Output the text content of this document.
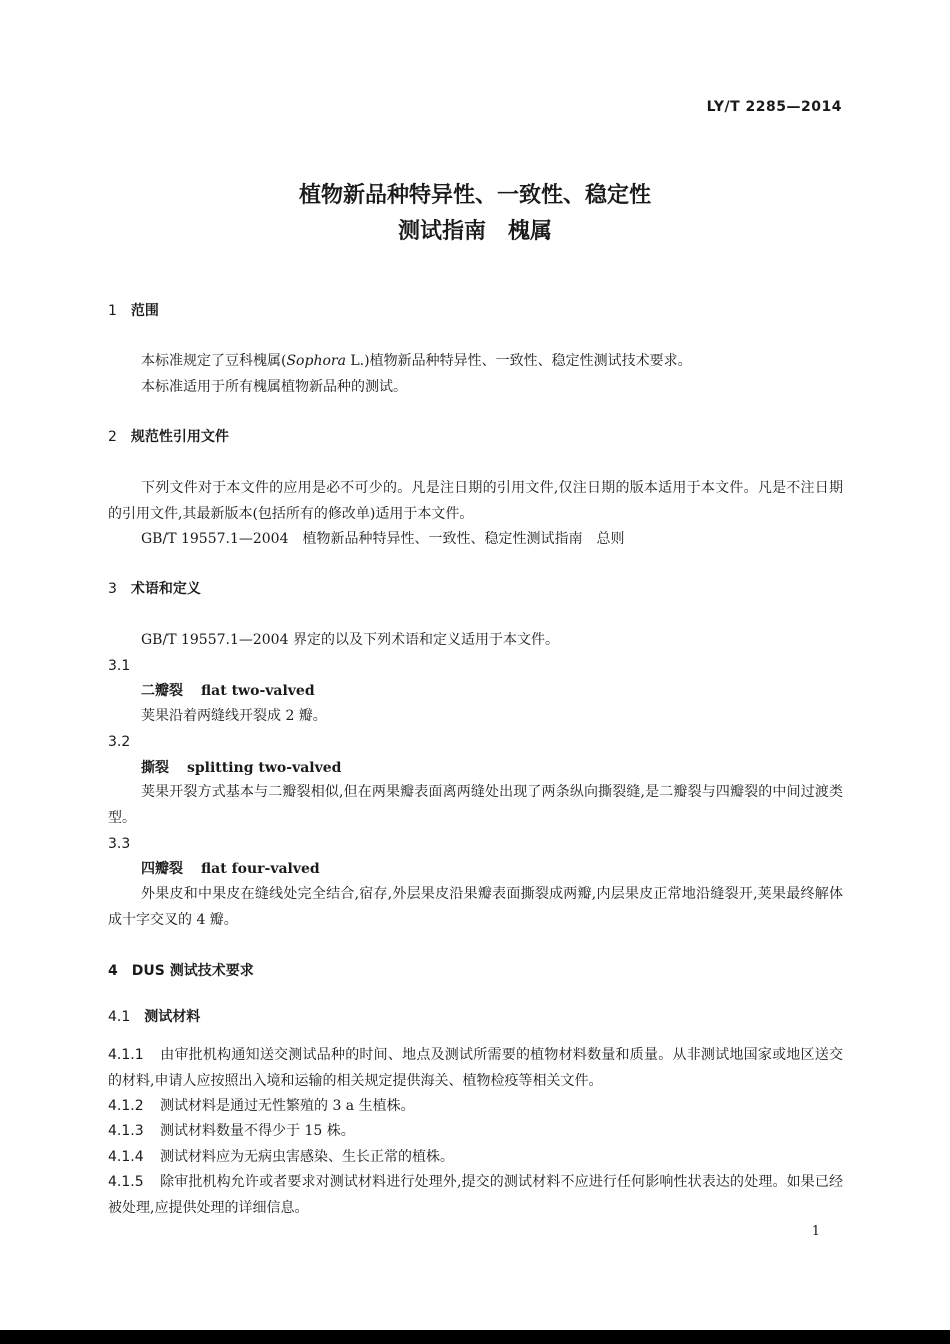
LY/T 2285—2014
植物新品种特异性、一致性、稳定性
测试指南　槐属
1 范围
本标准规定了豆科槐属(Sophora L.)植物新品种特异性、一致性、稳定性测试技术要求。
本标准适用于所有槐属植物新品种的测试。
2 规范性引用文件
下列文件对于本文件的应用是必不可少的。凡是注日期的引用文件,仅注日期的版本适用于本文件。凡是不注日期的引用文件,其最新版本(包括所有的修改单)适用于本文件。
GB/T 19557.1—2004　植物新品种特异性、一致性、稳定性测试指南　总则
3 术语和定义
GB/T 19557.1—2004 界定的以及下列术语和定义适用于本文件。
3.1
二瓣裂 flat two-valved
荚果沿着两缝线开裂成 2 瓣。
3.2
撕裂 splitting two-valved
荚果开裂方式基本与二瓣裂相似,但在两果瓣表面离两缝处出现了两条纵向撕裂缝,是二瓣裂与四瓣裂的中间过渡类型。
3.3
四瓣裂 flat four-valved
外果皮和中果皮在缝线处完全结合,宿存,外层果皮沿果瓣表面撕裂成两瓣,内层果皮正常地沿缝裂开,荚果最终解体成十字交叉的 4 瓣。
4 DUS 测试技术要求
4.1 测试材料
4.1.1 由审批机构通知送交测试品种的时间、地点及测试所需要的植物材料数量和质量。从非测试地国家或地区送交的材料,申请人应按照出入境和运输的相关规定提供海关、植物检疫等相关文件。
4.1.2 测试材料是通过无性繁殖的 3 a 生植株。
4.1.3 测试材料数量不得少于 15 株。
4.1.4 测试材料应为无病虫害感染、生长正常的植株。
4.1.5 除审批机构允许或者要求对测试材料进行处理外,提交的测试材料不应进行任何影响性状表达的处理。如果已经被处理,应提供处理的详细信息。
1
